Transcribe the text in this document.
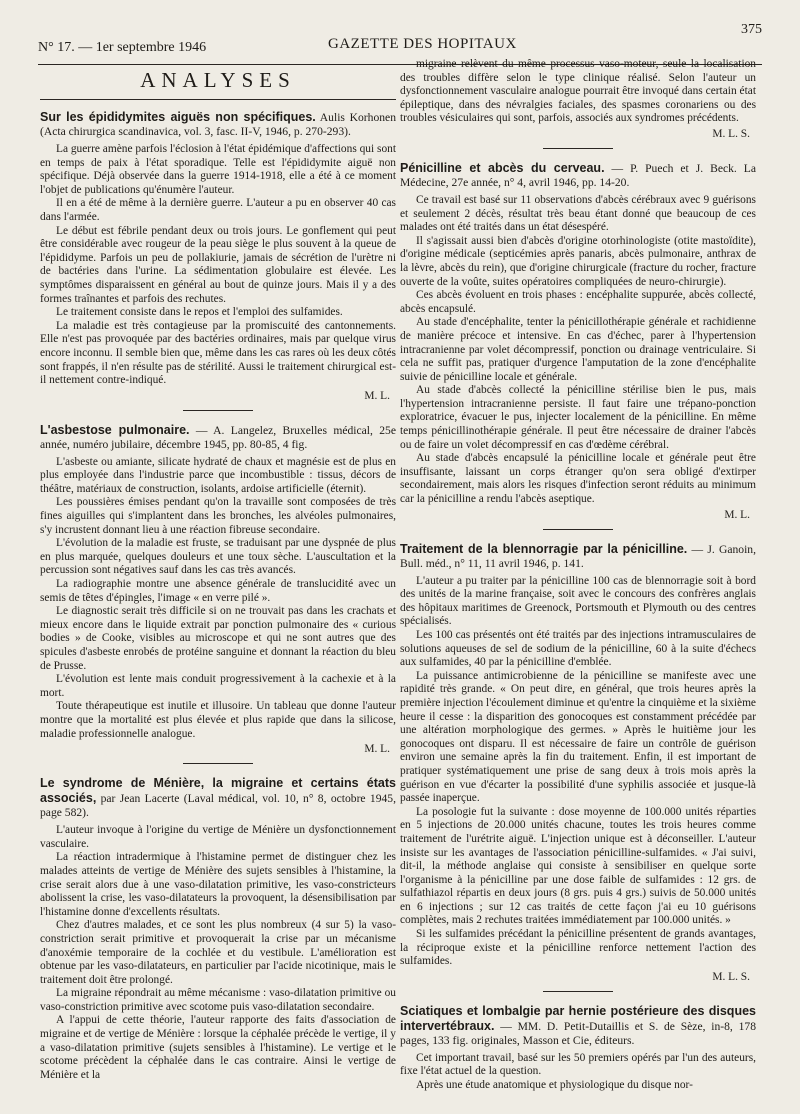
N° 17. — 1er septembre 1946	GAZETTE DES HOPITAUX
375
ANALYSES
Sur les épididymites aiguës non spécifiques. Aulis Korhonen (Acta chirurgica scandinavica, vol. 3, fasc. II-V, 1946, p. 270-293).

La guerre amène parfois l'éclosion à l'état épidémique d'affections qui sont en temps de paix à l'état sporadique. Telle est l'épididymite aiguë non spécifique. Déjà observée dans la guerre 1914-1918, elle a été à ce moment l'objet de publications qu'énumère l'auteur.

Il en a été de même à la dernière guerre. L'auteur a pu en observer 40 cas dans l'armée.

Le début est fébrile pendant deux ou trois jours. Le gonflement qui peut être considérable avec rougeur de la peau siège le plus souvent à la queue de l'épididyme. Parfois un peu de pollakiurie, jamais de sécrétion de l'urètre ni de bactéries dans l'urine. La sédimentation globulaire est élevée. Les symptômes disparaissent en général au bout de quinze jours. Mais il y a des formes traînantes et parfois des rechutes.

Le traitement consiste dans le repos et l'emploi des sulfamides.

La maladie est très contagieuse par la promiscuité des cantonnements. Elle n'est pas provoquée par des bactéries ordinaires, mais par quelque virus encore inconnu. Il semble bien que, même dans les cas rares où les deux côtés sont frappés, il n'en résulte pas de stérilité. Aussi le traitement chirurgical est-il nettement contre-indiqué.

M. L.
L'asbestose pulmonaire. — A. Langelez, Bruxelles médical, 25e année, numéro jubilaire, décembre 1945, pp. 80-85, 4 fig.

L'asbeste ou amiante, silicate hydraté de chaux et magnésie est de plus en plus employée dans l'industrie parce que incombustible : tissus, décors de théâtre, matériaux de construction, isolants, ardoise artificielle (éternit).

Les poussières émises pendant qu'on la travaille sont composées de très fines aiguilles qui s'implantent dans les bronches, les alvéoles pulmonaires, s'y incrustent donnant lieu à une réaction fibreuse secondaire.

L'évolution de la maladie est fruste, se traduisant par une dyspnée de plus en plus marquée, quelques douleurs et une toux sèche. L'auscultation et la percussion sont négatives sauf dans les cas très avancés.

La radiographie montre une absence générale de translucidité avec un semis de têtes d'épingles, l'image « en verre pilé ».

Le diagnostic serait très difficile si on ne trouvait pas dans les crachats et mieux encore dans le liquide extrait par ponction pulmonaire des « curious bodies » de Cooke, visibles au microscope et qui ne sont autres que des spicules d'asbeste enrobés de protéine sanguine et donnant la réaction du bleu de Prusse.

L'évolution est lente mais conduit progressivement à la cachexie et à la mort.

Toute thérapeutique est inutile et illusoire. Un tableau que donne l'auteur montre que la mortalité est plus élevée et plus rapide que dans la silicose, maladie professionnelle analogue.

M. L.
Le syndrome de Ménière, la migraine et certains états associés, par Jean Lacerte (Laval médical, vol. 10, n° 8, octobre 1945, page 582).

L'auteur invoque à l'origine du vertige de Ménière un dysfonctionnement vasculaire.

La réaction intradermique à l'histamine permet de distinguer chez les malades atteints de vertige de Ménière des sujets sensibles à l'histamine, la crise serait alors due à une vaso-dilatation primitive, les vaso-constricteurs abolissent la crise, les vaso-dilatateurs la provoquent, la désensibilisation par l'histamine donne d'excellents résultats.

Chez d'autres malades, et ce sont les plus nombreux (4 sur 5) la vaso-constriction serait primitive et provoquerait la crise par un mécanisme d'anoxémie temporaire de la cochlée et du vestibule. L'amélioration est obtenue par les vaso-dilatateurs, en particulier par l'acide nicotinique, mais le traitement doit être prolongé.

La migraine répondrait au même mécanisme : vaso-dilatation primitive ou vaso-constriction primitive avec scotome puis vaso-dilatation secondaire.

A l'appui de cette théorie, l'auteur rapporte des faits d'association de migraine et de vertige de Ménière : lorsque la céphalée précède le vertige, il y a vaso-dilatation primitive (sujets sensibles à l'histamine). Le vertige et le scotome précèdent la céphalée dans le cas contraire. Ainsi le vertige de Ménière et la

migraine relèvent du même processus vaso-moteur, seule la localisation des troubles diffère selon le type clinique réalisé. Selon l'auteur un dysfonctionnement vasculaire analogue pourrait être invoqué dans certain état épileptique, dans des névralgies faciales, des spasmes coronariens ou des troubles vésiculaires qui sont, parfois, associés aux syndromes précédents.

M. L. S.
Pénicilline et abcès du cerveau. — P. Puech et J. Beck. La Médecine, 27e année, n° 4, avril 1946, pp. 14-20.

Ce travail est basé sur 11 observations d'abcès cérébraux avec 9 guérisons et seulement 2 décès, résultat très beau étant donné que beaucoup de ces malades ont été traités dans un état désespéré.

Il s'agissait aussi bien d'abcès d'origine otorhinologiste (otite mastoïdite), d'origine médicale (septicémies après panaris, abcès pulmonaire, anthrax de la lèvre, abcès du rein), que d'origine chirurgicale (fracture du rocher, fracture ouverte de la voûte, suites opératoires compliquées de neuro-chirurgie).

Ces abcès évoluent en trois phases : encéphalite suppurée, abcès collecté, abcès encapsulé.

Au stade d'encéphalite, tenter la pénicillothérapie générale et rachidienne de manière précoce et intensive. En cas d'échec, parer à l'hypertension intracranienne par volet décompressif, ponction ou drainage ventriculaire. Si cela ne suffit pas, pratiquer d'urgence l'amputation de la zone d'encéphalite suivie de pénicilline locale et générale.

Au stade d'abcès collecté la pénicilline stérilise bien le pus, mais l'hypertension intracranienne persiste. Il faut faire une trépano-ponction exploratrice, évacuer le pus, injecter localement de la pénicilline. En même temps pénicillinothérapie générale. Il peut être nécessaire de drainer l'abcès ou de faire un volet décompressif en cas d'œdème cérébral.

Au stade d'abcès encapsulé la pénicilline locale et générale peut être insuffisante, laissant un corps étranger qu'on sera obligé d'extirper secondairement, mais alors les risques d'infection seront réduits au minimum car la pénicilline a rendu l'abcès aseptique.

M. L.
Traitement de la blennorragie par la pénicilline. — J. Ganoin, Bull. méd., n° 11, 11 avril 1946, p. 141.

L'auteur a pu traiter par la pénicilline 100 cas de blennorragie soit à bord des unités de la marine française, soit avec le concours des confrères anglais des hôpitaux maritimes de Greenock, Portsmouth et Plymouth ou des centres spécialisés.

Les 100 cas présentés ont été traités par des injections intramusculaires de solutions aqueuses de sel de sodium de la pénicilline, 60 à la suite d'échecs aux sulfamides, 40 par la pénicilline d'emblée.

La puissance antimicrobienne de la pénicilline se manifeste avec une rapidité très grande. « On peut dire, en général, que trois heures après la première injection l'écoulement diminue et qu'entre la cinquième et la sixième heure il cesse : la disparition des gonocoques est constamment précédée par une altération morphologique des germes. » Après le huitième jour les gonocoques ont disparu. Il est nécessaire de faire un contrôle de guérison environ une semaine après la fin du traitement. Enfin, il est important de pratiquer systématiquement une prise de sang deux à trois mois après la guérison en vue d'écarter la possibilité d'une syphilis associée et jusque-là passée inaperçue.

La posologie fut la suivante : dose moyenne de 100.000 unités réparties en 5 injections de 20.000 unités chacune, toutes les trois heures comme traitement de l'urétrite aiguë. L'injection unique est à déconseiller. L'auteur insiste sur les avantages de l'association pénicilline-sulfamides. « J'ai suivi, dit-il, la méthode anglaise qui consiste à sensibiliser en quelque sorte l'organisme à la pénicilline par une dose faible de sulfamides : 12 grs. de sulfathiazol répartis en deux jours (8 grs. puis 4 grs.) suivis de 50.000 unités en 6 injections ; sur 12 cas traités de cette façon j'ai eu 10 guérisons complètes, mais 2 rechutes traitées immédiatement par 100.000 unités. »

Si les sulfamides précédant la pénicilline présentent de grands avantages, la réciproque existe et la pénicilline renforce nettement l'action des sulfamides.

M. L. S.
Sciatiques et lombalgie par hernie postérieure des disques intervertébraux. — MM. D. Petit-Dutaillis et S. de Sèze, in-8, 178 pages, 133 fig. originales, Masson et Cie, éditeurs.

Cet important travail, basé sur les 50 premiers opérés par l'un des auteurs, fixe l'état actuel de la question.

Après une étude anatomique et physiologique du disque nor-
